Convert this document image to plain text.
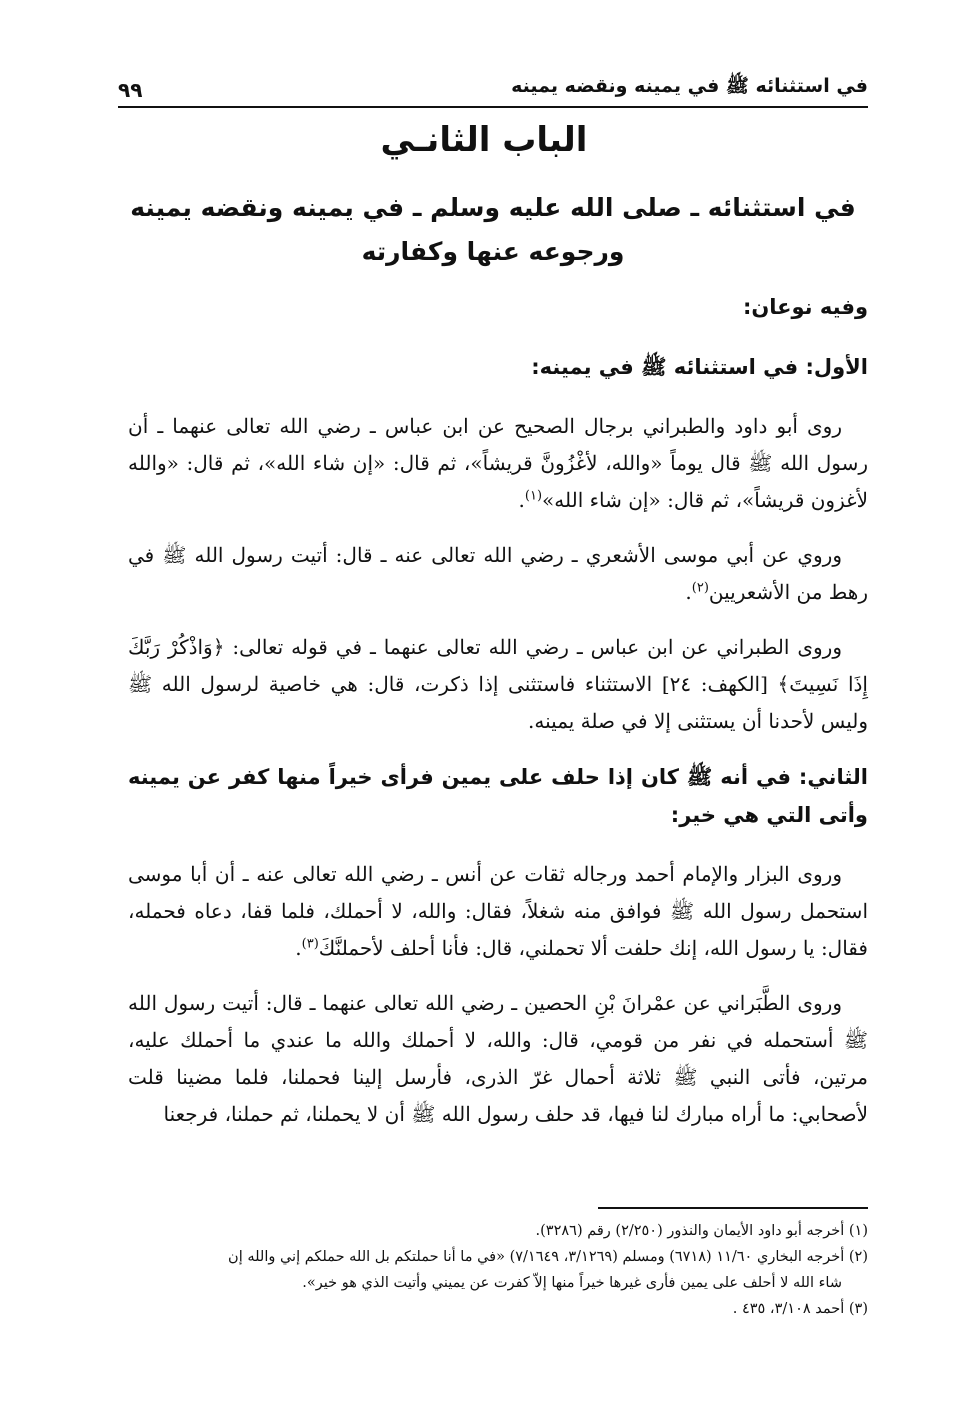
في استثنائه ﷺ في يمينه ونقضه يمينه
٩٩
الباب الثانـي
في استثنائه ـ صلى الله عليه وسلم ـ في يمينه ونقضه يمينه
ورجوعه عنها وكفارته

وفيه نوعان:

الأول: في استثنائه ﷺ في يمينه:

روى أبو داود والطبراني برجال الصحيح عن ابن عباس ـ رضي الله تعالى عنهما ـ أن رسول الله ﷺ قال يوماً «والله، لأغْزُونَّ قريشاً»، ثم قال: «إن شاء الله»، ثم قال: «والله لأغزون قريشاً»، ثم قال: «إن شاء الله»$^{(١)}$.

وروي عن أبي موسى الأشعري ـ رضي الله تعالى عنه ـ قال: أتيت رسول الله ﷺ في رهط من الأشعريين$^{(٢)}$.

وروى الطبراني عن ابن عباس ـ رضي الله تعالى عنهما ـ في قوله تعالى: ﴿وَاذْكُرْ رَبَّكَ إِذَا نَسِيتَ﴾ [الكهف: ٢٤] الاستثناء فاستثنى إذا ذكرت، قال: هي خاصية لرسول الله ﷺ وليس لأحدنا أن يستثنى إلا في صلة يمينه.

الثاني: في أنه ﷺ كان إذا حلف على يمين فرأى خيراً منها كفر عن يمينه وأتى التي هي خير:

وروى البزار والإمام أحمد ورجاله ثقات عن أنس ـ رضي الله تعالى عنه ـ أن أبا موسى استحمل رسول الله ﷺ فوافق منه شغلاً، فقال: والله، لا أحملك، فلما قفا، دعاه فحمله، فقال: يا رسول الله، إنك حلفت ألا تحملني، قال: فأنا أحلف لأحملنَّكَ$^{(٣)}$.

وروى الطَّبَراني عن عمْرانَ بْنِ الحصين ـ رضي الله تعالى عنهما ـ قال: أتيت رسول الله ﷺ أستحمله في نفر من قومي، قال: والله، لا أحملك والله ما عندي ما أحملك عليه، مرتين، فأتى النبي ﷺ ثلاثة أحمال غرّ الذرى، فأرسل إلينا فحملنا، فلما مضينا قلت لأصحابي: ما أراه مبارك لنا فيها، قد حلف رسول الله ﷺ أن لا يحملنا، ثم حملنا، فرجعنا

(١) أخرجه أبو داود الأيمان والنذور (٢/٢٥٠) رقم (٣٢٨٦).

(٢) أخرجه البخاري ١١/٦٠ (٦٧١٨) ومسلم (٣/١٢٦٩، ٧/١٦٤٩) «في ما أنا حملتكم بل الله حملكم إني والله إن

شاء الله لا أحلف على يمين فأرى غيرها خيراً منها إلاّ كفرت عن يميني وأتيت الذي هو خير».

(٣) أحمد ٣/١٠٨، ٤٣٥ .
